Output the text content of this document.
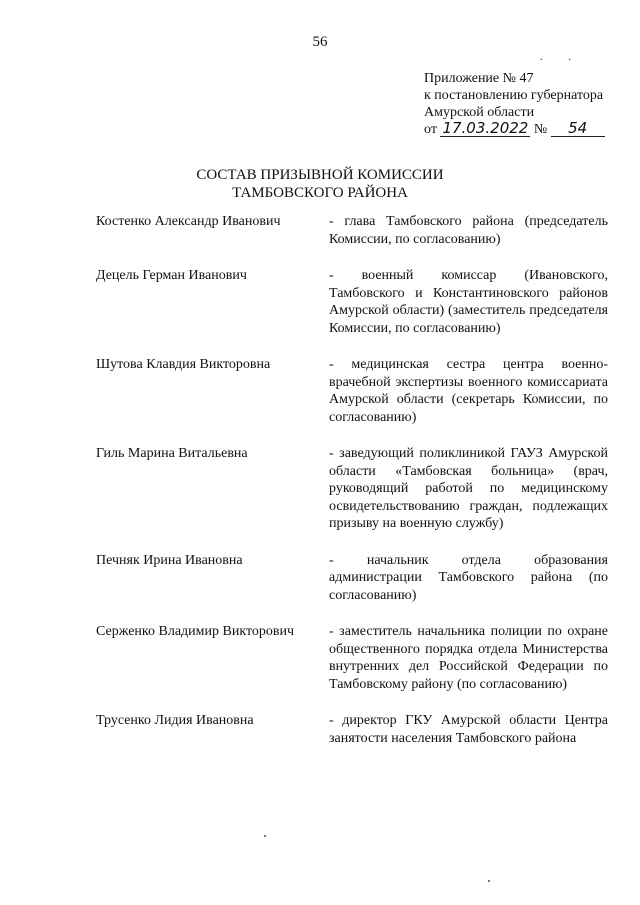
56
..
Приложение № 47
к постановлению губернатора
Амурской области
от 17.03.2022 № 54
СОСТАВ ПРИЗЫВНОЙ КОМИССИИ
ТАМБОВСКОГО РАЙОНА
Костенко Александр Иванович	- глава Тамбовского района (председатель Комиссии, по согласованию)
Децель Герман Иванович	- военный комиссар (Ивановского, Тамбовского и Константиновского районов Амурской области) (заместитель председателя Комиссии, по согласованию)
Шутова Клавдия Викторовна	- медицинская сестра центра военно-врачебной экспертизы военного комиссариата Амурской области (секретарь Комиссии, по согласованию)
Гиль Марина Витальевна	- заведующий поликлиникой ГАУЗ Амурской области «Тамбовская больница» (врач, руководящий работой по медицинскому освидетельствованию граждан, подлежащих призыву на военную службу)
Печняк Ирина Ивановна	- начальник отдела образования администрации Тамбовского района (по согласованию)
Серженко Владимир Викторович	- заместитель начальника полиции по охране общественного порядка отдела Министерства внутренних дел Российской Федерации по Тамбовскому району (по согласованию)
Трусенко Лидия Ивановна	- директор ГКУ Амурской области Центра занятости населения Тамбовского района
